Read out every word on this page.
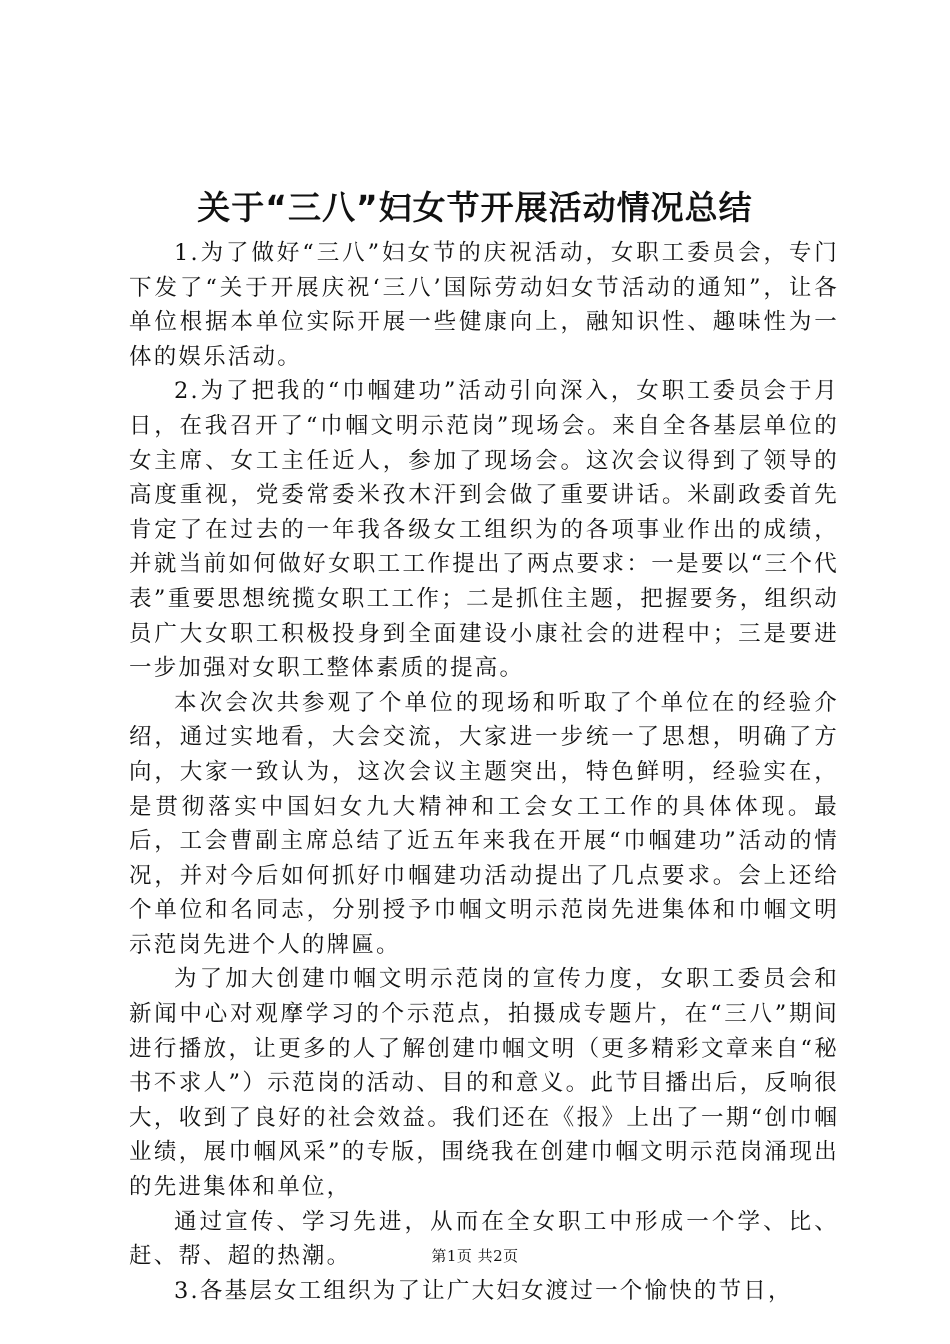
关于“三八”妇女节开展活动情况总结

1.为了做好“三八”妇女节的庆祝活动，女职工委员会，专门下发了“关于开展庆祝‘三八’国际劳动妇女节活动的通知”，让各单位根据本单位实际开展一些健康向上，融知识性、趣味性为一体的娱乐活动。

2.为了把我的“巾帼建功”活动引向深入，女职工委员会于月日，在我召开了“巾帼文明示范岗”现场会。来自全各基层单位的女主席、女工主任近人，参加了现场会。这次会议得到了领导的高度重视，党委常委米孜木汗到会做了重要讲话。米副政委首先肯定了在过去的一年我各级女工组织为的各项事业作出的成绩，并就当前如何做好女职工工作提出了两点要求：一是要以“三个代表”重要思想统揽女职工工作；二是抓住主题，把握要务，组织动员广大女职工积极投身到全面建设小康社会的进程中；三是要进一步加强对女职工整体素质的提高。

本次会次共参观了个单位的现场和听取了个单位在的经验介绍，通过实地看，大会交流，大家进一步统一了思想，明确了方向，大家一致认为，这次会议主题突出，特色鲜明，经验实在，是贯彻落实中国妇女九大精神和工会女工工作的具体体现。最后，工会曹副主席总结了近五年来我在开展“巾帼建功”活动的情况，并对今后如何抓好巾帼建功活动提出了几点要求。会上还给个单位和名同志，分别授予巾帼文明示范岗先进集体和巾帼文明示范岗先进个人的牌匾。

为了加大创建巾帼文明示范岗的宣传力度，女职工委员会和新闻中心对观摩学习的个示范点，拍摄成专题片，在“三八”期间进行播放，让更多的人了解创建巾帼文明（更多精彩文章来自“秘书不求人”）示范岗的活动、目的和意义。此节目播出后，反响很大，收到了良好的社会效益。我们还在《报》上出了一期“创巾帼业绩，展巾帼风采”的专版，围绕我在创建巾帼文明示范岗涌现出的先进集体和单位，

通过宣传、学习先进，从而在全女职工中形成一个学、比、赶、帮、超的热潮。

3.各基层女工组织为了让广大妇女渡过一个愉快的节日，

第1页 共2页
